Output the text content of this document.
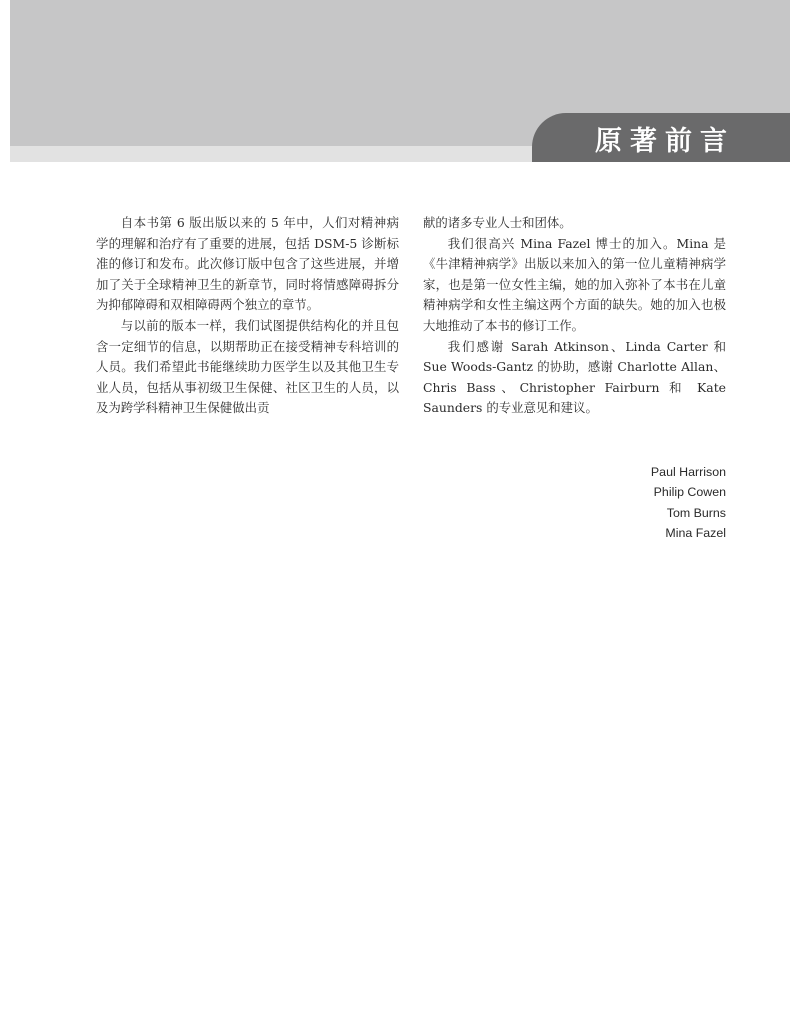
原著前言

自本书第 6 版出版以来的 5 年中，人们对精神病学的理解和治疗有了重要的进展，包括 DSM-5 诊断标准的修订和发布。此次修订版中包含了这些进展，并增加了关于全球精神卫生的新章节，同时将情感障碍拆分为抑郁障碍和双相障碍两个独立的章节。

与以前的版本一样，我们试图提供结构化的并且包含一定细节的信息，以期帮助正在接受精神专科培训的人员。我们希望此书能继续助力医学生以及其他卫生专业人员，包括从事初级卫生保健、社区卫生的人员，以及为跨学科精神卫生保健做出贡

献的诸多专业人士和团体。

我们很高兴 Mina Fazel 博士的加入。Mina 是《牛津精神病学》出版以来加入的第一位儿童精神病学家，也是第一位女性主编，她的加入弥补了本书在儿童精神病学和女性主编这两个方面的缺失。她的加入也极大地推动了本书的修订工作。

我们感谢 Sarah Atkinson、Linda Carter 和 Sue Woods-Gantz 的协助，感谢 Charlotte Allan、Chris Bass、Christopher Fairburn 和 Kate Saunders 的专业意见和建议。

Paul Harrison
Philip Cowen
Tom Burns
Mina Fazel
